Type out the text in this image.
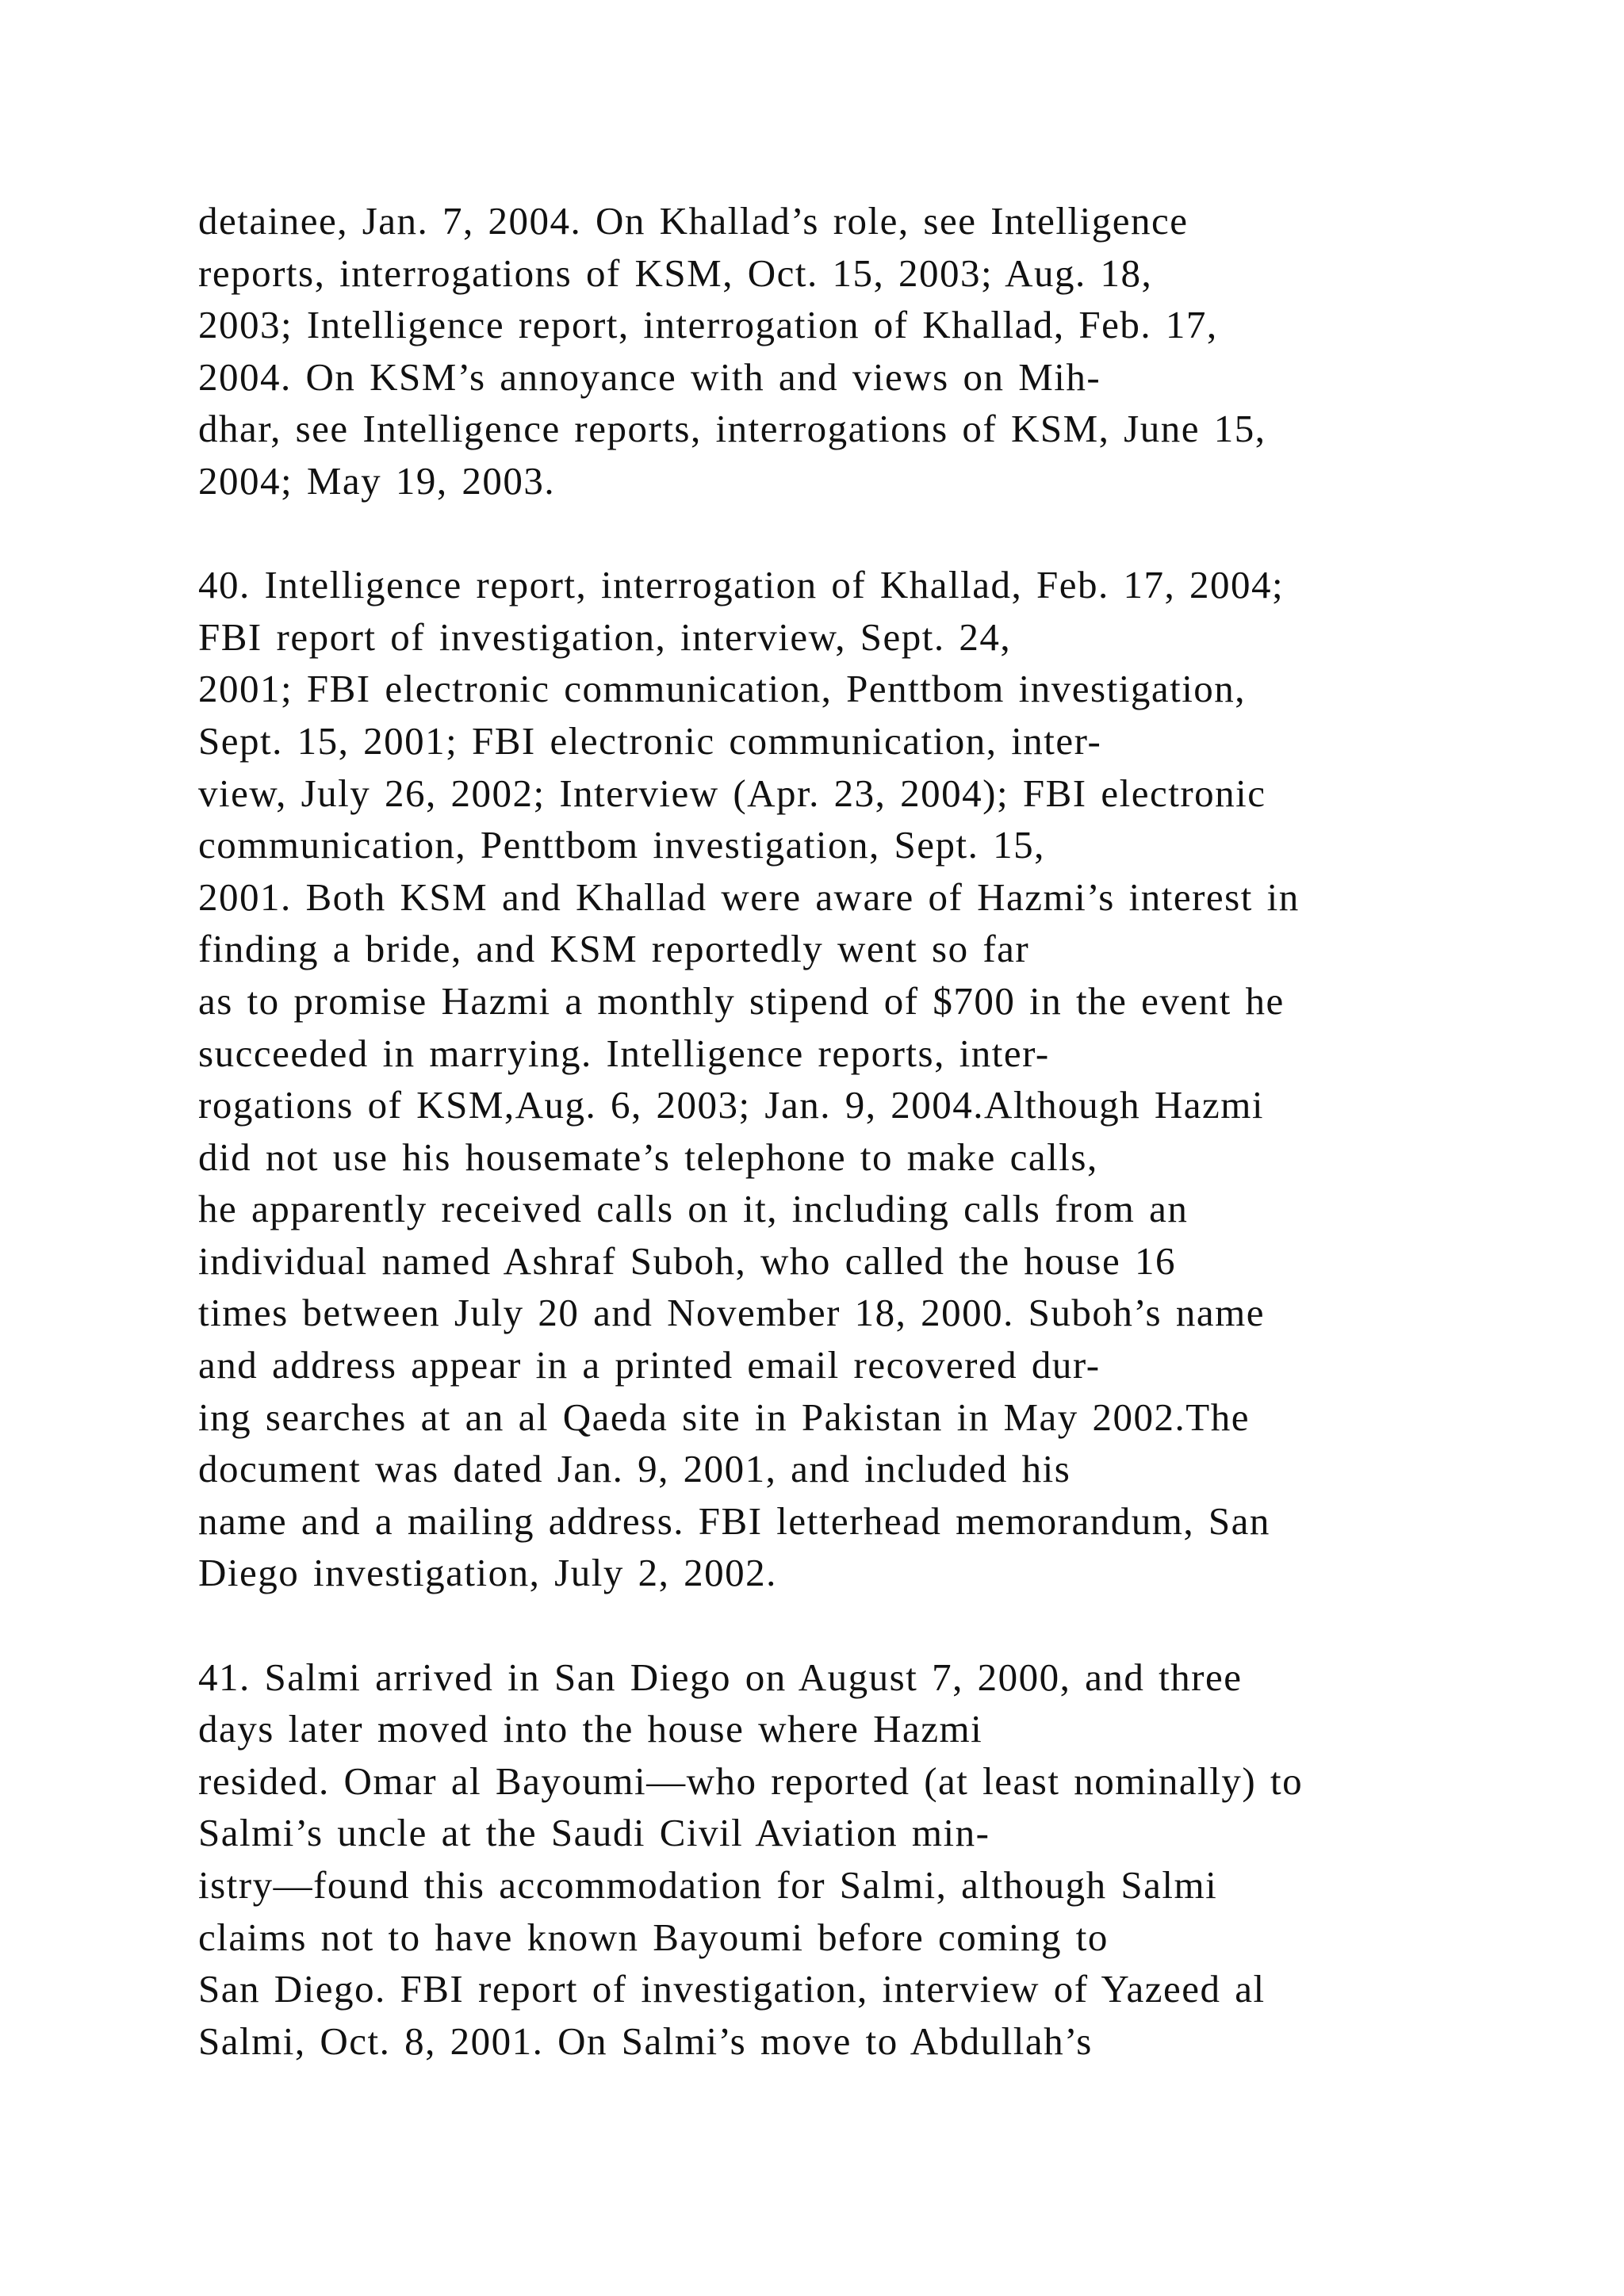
detainee, Jan. 7, 2004. On Khallad’s role, see Intelligence
reports, interrogations of KSM, Oct. 15, 2003; Aug. 18,
2003; Intelligence report, interrogation of Khallad, Feb. 17,
2004. On KSM’s annoyance with and views on Mih-
dhar, see Intelligence reports, interrogations of KSM, June 15,
2004; May 19, 2003.
40. Intelligence report, interrogation of Khallad, Feb. 17, 2004;
FBI report of investigation, interview, Sept. 24,
2001; FBI electronic communication, Penttbom investigation,
Sept. 15, 2001; FBI electronic communication, inter-
view, July 26, 2002; Interview (Apr. 23, 2004); FBI electronic
communication, Penttbom investigation, Sept. 15,
2001. Both KSM and Khallad were aware of Hazmi’s interest in
finding a bride, and KSM reportedly went so far
as to promise Hazmi a monthly stipend of $700 in the event he
succeeded in marrying. Intelligence reports, inter-
rogations of KSM,Aug. 6, 2003; Jan. 9, 2004.Although Hazmi
did not use his housemate’s telephone to make calls,
he apparently received calls on it, including calls from an
individual named Ashraf Suboh, who called the house 16
times between July 20 and November 18, 2000. Suboh’s name
and address appear in a printed email recovered dur-
ing searches at an al Qaeda site in Pakistan in May 2002.The
document was dated Jan. 9, 2001, and included his
name and a mailing address. FBI letterhead memorandum, San
Diego investigation, July 2, 2002.
41. Salmi arrived in San Diego on August 7, 2000, and three
days later moved into the house where Hazmi
resided. Omar al Bayoumi—who reported (at least nominally) to
Salmi’s uncle at the Saudi Civil Aviation min-
istry—found this accommodation for Salmi, although Salmi
claims not to have known Bayoumi before coming to
San Diego. FBI report of investigation, interview of Yazeed al
Salmi, Oct. 8, 2001. On Salmi’s move to Abdullah’s
